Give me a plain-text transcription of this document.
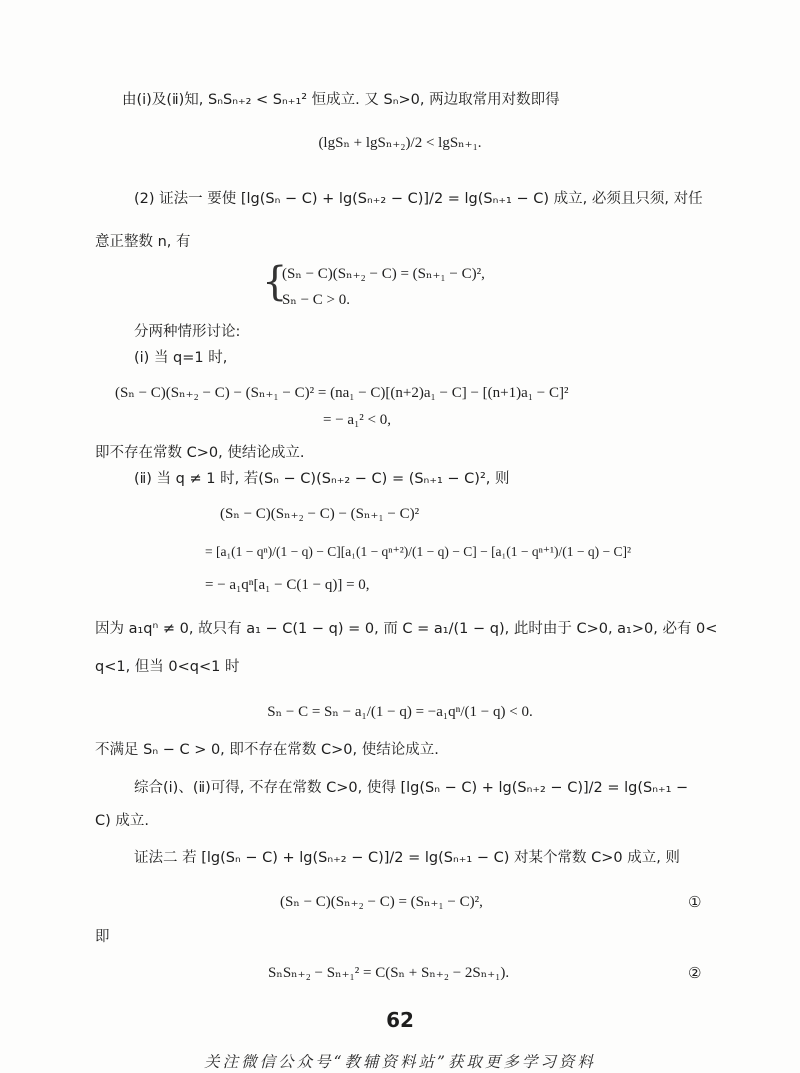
由(ⅰ)及(ⅱ)知, SₙSₙ₊₂ < Sₙ₊₁² 恒成立. 又 Sₙ>0, 两边取常用对数即得
(lgSₙ + lgSₙ₊₂)/2 < lgSₙ₊₁.
(2) 证法一 要使 [lg(Sₙ − C) + lg(Sₙ₊₂ − C)]/2 = lg(Sₙ₊₁ − C) 成立, 必须且只须, 对任
意正整数 n, 有
{
(Sₙ − C)(Sₙ₊₂ − C) = (Sₙ₊₁ − C)²,
Sₙ − C > 0.
分两种情形讨论:
(ⅰ) 当 q=1 时,
(Sₙ − C)(Sₙ₊₂ − C) − (Sₙ₊₁ − C)² = (na₁ − C)[(n+2)a₁ − C] − [(n+1)a₁ − C]²
= − a₁² < 0,
即不存在常数 C>0, 使结论成立.
(ⅱ) 当 q ≠ 1 时, 若(Sₙ − C)(Sₙ₊₂ − C) = (Sₙ₊₁ − C)², 则
(Sₙ − C)(Sₙ₊₂ − C) − (Sₙ₊₁ − C)²
= [a₁(1 − qⁿ)/(1 − q) − C][a₁(1 − qⁿ⁺²)/(1 − q) − C] − [a₁(1 − qⁿ⁺¹)/(1 − q) − C]²
= − a₁qⁿ[a₁ − C(1 − q)] = 0,
因为 a₁qⁿ ≠ 0, 故只有 a₁ − C(1 − q) = 0, 而 C = a₁/(1 − q), 此时由于 C>0, a₁>0, 必有 0<
q<1, 但当 0<q<1 时
Sₙ − C = Sₙ − a₁/(1 − q) = −a₁qⁿ/(1 − q) < 0.
不满足 Sₙ − C > 0, 即不存在常数 C>0, 使结论成立.
综合(ⅰ)、(ⅱ)可得, 不存在常数 C>0, 使得 [lg(Sₙ − C) + lg(Sₙ₊₂ − C)]/2 = lg(Sₙ₊₁ −
C) 成立.
证法二 若 [lg(Sₙ − C) + lg(Sₙ₊₂ − C)]/2 = lg(Sₙ₊₁ − C) 对某个常数 C>0 成立, 则
(Sₙ − C)(Sₙ₊₂ − C) = (Sₙ₊₁ − C)²,	①
即
SₙSₙ₊₂ − Sₙ₊₁² = C(Sₙ + Sₙ₊₂ − 2Sₙ₊₁).	②
62
关注微信公众号“教辅资料站”获取更多学习资料
